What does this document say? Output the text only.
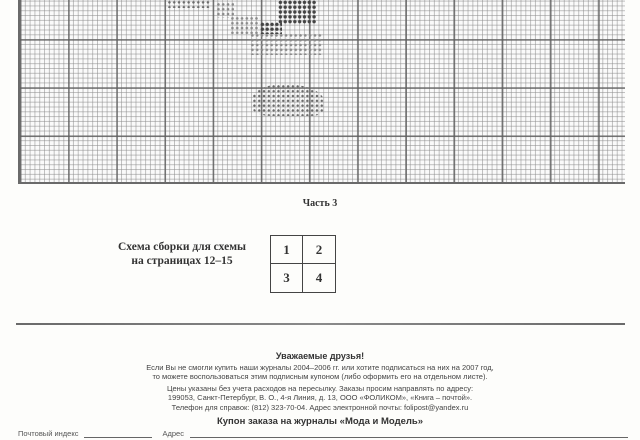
Часть 3
Схема сборки для схемы
на страницах 12–15
1	2
3	4
Уважаемые друзья!
Если Вы не смогли купить наши журналы 2004–2006 гг. или хотите подписаться на них на 2007 год,
то можете воспользоваться этим подписным купоном (либо оформить его на отдельном листе).
Цены указаны без учета расходов на пересылку. Заказы просим направлять по адресу:
199053, Санкт-Петербург, В. О., 4-я Линия, д. 13, ООО «ФОЛИКОМ», «Книга – почтой».
Телефон для справок: (812) 323-70-04. Адрес электронной почты: folipost@yandex.ru
Купон заказа на журналы «Мода и Модель»
Почтовый индекс	Адрес
